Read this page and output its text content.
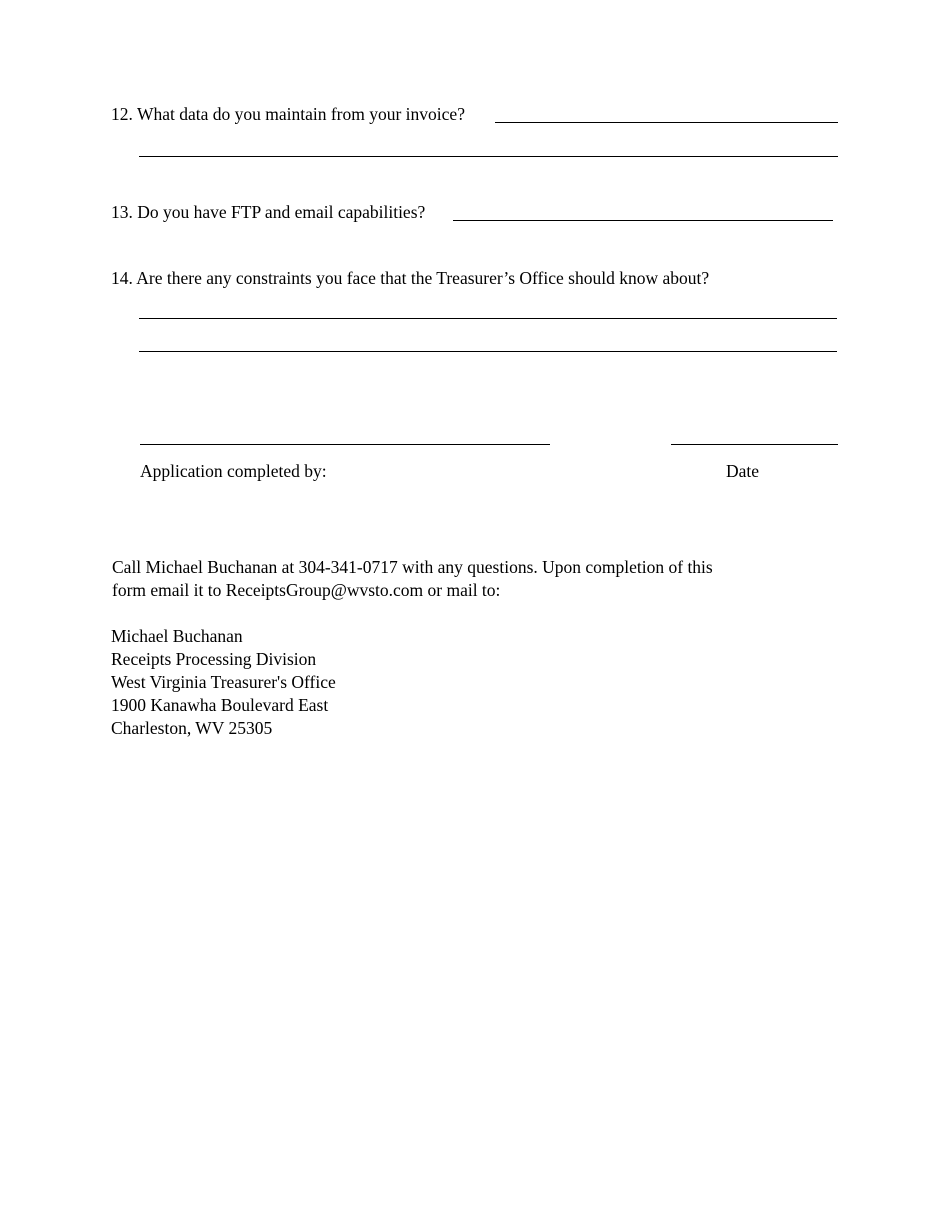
12. What data do you maintain from your invoice?
13. Do you have FTP and email capabilities?
14. Are there any constraints you face that the Treasurer’s Office should know about?
Application completed by:	Date
Call Michael Buchanan at 304-341-0717 with any questions. Upon completion of this
form email it to ReceiptsGroup@wvsto.com or mail to:
Michael Buchanan
Receipts Processing Division
West Virginia Treasurer's Office
1900 Kanawha Boulevard East
Charleston, WV 25305
